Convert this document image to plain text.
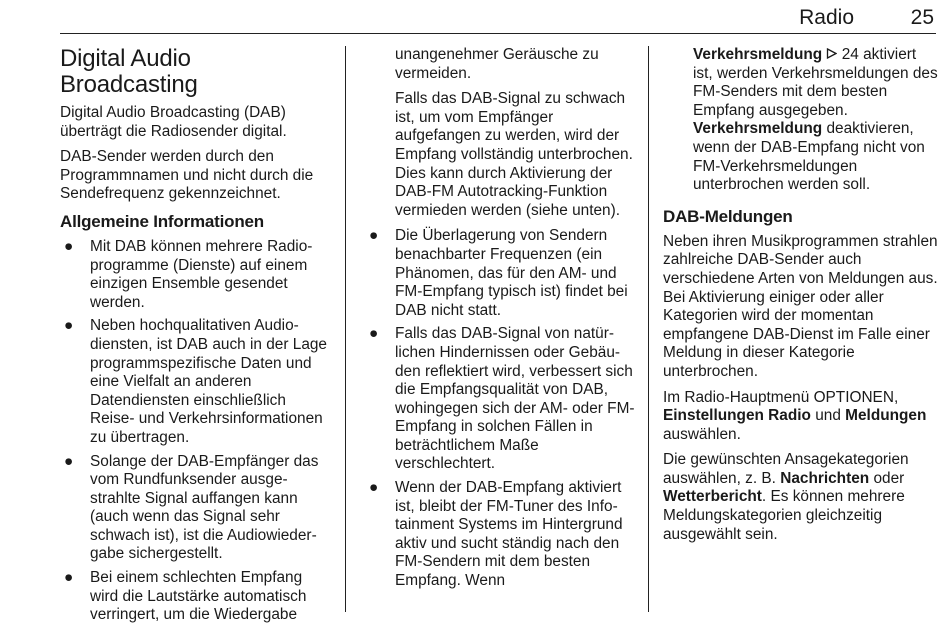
Radio	25
Digital Audio Broadcasting
Digital Audio Broadcasting (DAB) überträgt die Radiosender digital.
DAB-Sender werden durch den Programmnamen und nicht durch die Sendefrequenz gekennzeichnet.
Allgemeine Informationen
● Mit DAB können mehrere Radioprogramme (Dienste) auf einem einzigen Ensemble gesendet werden.
● Neben hochqualitativen Audiodiensten, ist DAB auch in der Lage programmspezifische Daten und eine Vielfalt an anderen Datendiensten einschließlich Reise- und Verkehrsinformationen zu übertragen.
● Solange der DAB-Empfänger das vom Rundfunksender ausgestrahlte Signal auffangen kann (auch wenn das Signal sehr schwach ist), ist die Audiowiedergabe sichergestellt.
● Bei einem schlechten Empfang wird die Lautstärke automatisch verringert, um die Wiedergabe
unangenehmer Geräusche zu vermeiden.
Falls das DAB-Signal zu schwach ist, um vom Empfänger aufgefangen zu werden, wird der Empfang vollständig unterbrochen. Dies kann durch Aktivierung der DAB-FM Autotracking-Funktion vermieden werden (siehe unten).
● Die Überlagerung von Sendern benachbarter Frequenzen (ein Phänomen, das für den AM- und FM-Empfang typisch ist) findet bei DAB nicht statt.
● Falls das DAB-Signal von natürlichen Hindernissen oder Gebäuden reflektiert wird, verbessert sich die Empfangsqualität von DAB, wohingegen sich der AM- oder FM-Empfang in solchen Fällen in beträchtlichem Maße verschlechtert.
● Wenn der DAB-Empfang aktiviert ist, bleibt der FM-Tuner des Infotainment Systems im Hintergrund aktiv und sucht ständig nach den FM-Sendern mit dem besten Empfang. Wenn
Verkehrsmeldung  24 aktiviert ist, werden Verkehrsmeldungen des FM-Senders mit dem besten Empfang ausgegeben.
Verkehrsmeldung deaktivieren, wenn der DAB-Empfang nicht von FM-Verkehrsmeldungen unterbrochen werden soll.
DAB-Meldungen
Neben ihren Musikprogrammen strahlen zahlreiche DAB-Sender auch verschiedene Arten von Meldungen aus. Bei Aktivierung einiger oder aller Kategorien wird der momentan empfangene DAB-Dienst im Falle einer Meldung in dieser Kategorie unterbrochen.
Im Radio-Hauptmenü OPTIONEN, Einstellungen Radio und Meldungen auswählen.
Die gewünschten Ansagekategorien auswählen, z. B. Nachrichten oder Wetterbericht. Es können mehrere Meldungskategorien gleichzeitig ausgewählt sein.
